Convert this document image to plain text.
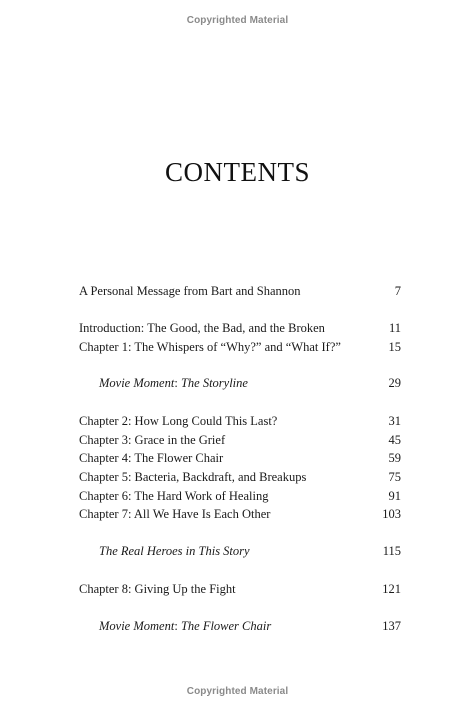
Copyrighted Material
CONTENTS
A Personal Message from Bart and Shannon	7
Introduction: The Good, the Bad, and the Broken	11
Chapter 1: The Whispers of “Why?” and “What If?”	15
Movie Moment: The Storyline	29
Chapter 2: How Long Could This Last?	31
Chapter 3: Grace in the Grief	45
Chapter 4: The Flower Chair	59
Chapter 5: Bacteria, Backdraft, and Breakups	75
Chapter 6: The Hard Work of Healing	91
Chapter 7: All We Have Is Each Other	103
The Real Heroes in This Story	115
Chapter 8: Giving Up the Fight	121
Movie Moment: The Flower Chair	137
Copyrighted Material
